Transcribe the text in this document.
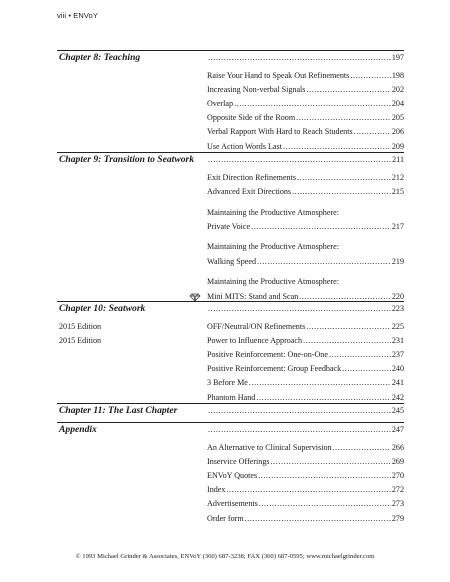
viii • ENVoY
Chapter 8: Teaching .....	197
Raise Your Hand to Speak Out Refinements .....	198
Increasing Non-verbal Signals .....	202
Overlap .....	204
Opposite Side of the Room .....	205
Verbal Rapport With Hard to Reach Students .....	206
Use Action Words Last .....	209
Chapter 9: Transition to Seatwork .....	211
Exit Direction Refinements .....	212
Advanced Exit Directions .....	215
Maintaining the Productive Atmosphere:
Private Voice .....	217
Maintaining the Productive Atmosphere:
Walking Speed .....	219
Maintaining the Productive Atmosphere:
Mini MITS: Stand and Scan .....	220
Chapter 10: Seatwork .....	223
2015 Edition
2015 Edition
OFF/Neutral/ON Refinements .....	225
Power to Influence Approach .....	231
Positive Reinforcement: One-on-One .....	237
Positive Reinforcement: Group Feedback .....	240
3 Before Me .....	241
Phantom Hand .....	242
Chapter 11: The Last Chapter .....	245
Appendix .....	247
An Alternative to Clinical Supervision .....	266
Inservice Offerings .....	269
ENVoY Quotes .....	270
Index .....	272
Advertisements .....	273
Order form .....	279
© 1993 Michael Grinder & Associates, ENVoY (360) 687-3238; FAX (360) 687-0595; www.michaelgrinder.com
